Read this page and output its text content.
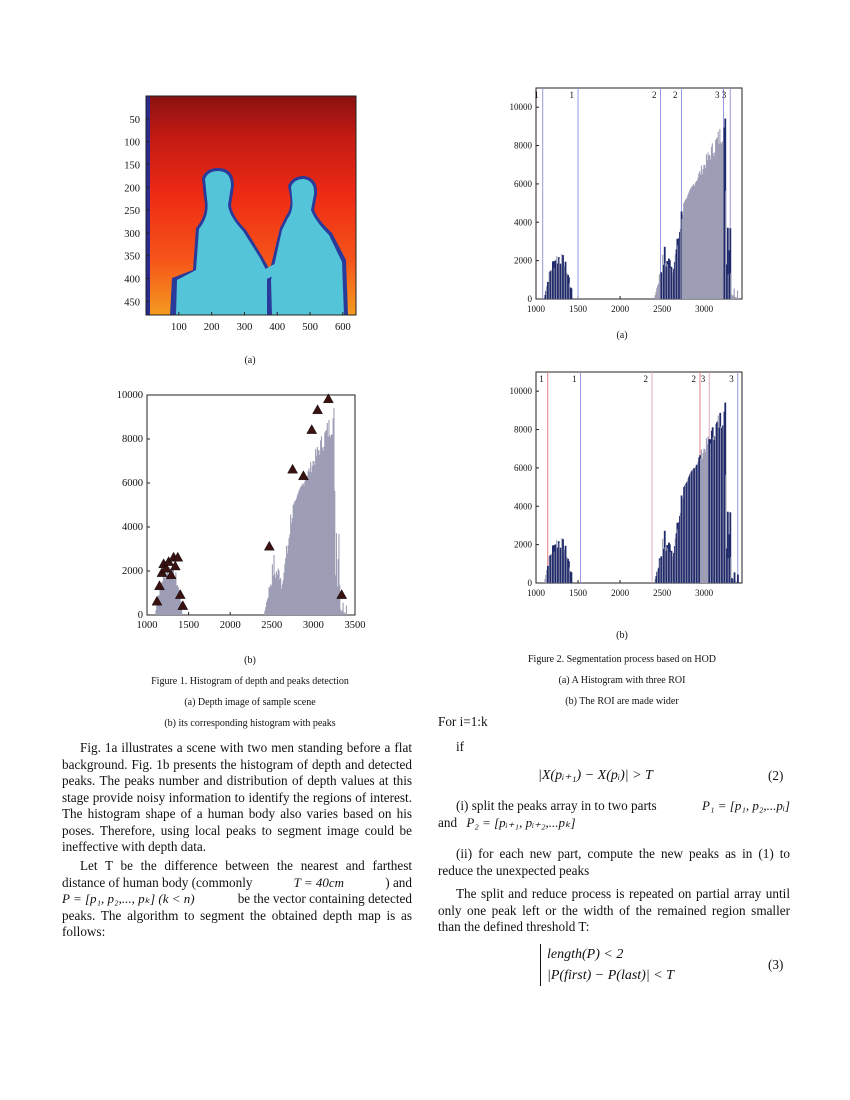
50
100
150
200
250
300
350
400
450
100 200 300 400 500 600
(a)
0
2000
4000
6000
8000
10000
1000 1500 2000 2500 3000 3500
(b)
Figure 1. Histogram of depth and peaks detection
(a) Depth image of sample scene
(b) its corresponding histogram with peaks
0
2000
4000
6000
8000
10000
1000	1500	2000	2500	3000
1	1	2 2	3 3
(a)
0
2000
4000
6000
8000
10000
1000	1500	2000	2500	3000
1	1	2	2 3	3
(b)
Figure 2. Segmentation process based on HOD
(a) A Histogram with three ROI
(b) The ROI are made wider
Fig. 1a illustrates a scene with two men standing before a flat background. Fig. 1b presents the histogram of depth and detected peaks. The peaks number and distribution of depth values at this stage provide noisy information to identify the regions of interest. The histogram shape of a human body also varies based on his poses. Therefore, using local peaks to segment image could be ineffective with depth data.
Let T be the difference between the nearest and farthest
distance of human body (commonly	T = 40cm	) and
P = [p₁, p₂,..., pₖ] (k < n)	be the vector containing detected
peaks. The algorithm to segment the obtained depth map is as follows:
For i=1:k
if
|X(pᵢ₊₁) − X(pᵢ)| > T	(2)
(i) split the peaks array in to two parts	P₁ = [p₁, p₂,...pᵢ]
and P₂ = [pᵢ₊₁, pᵢ₊₂,...pₖ]
(ii) for each new part, compute the new peaks as in (1) to reduce the unexpected peaks
The split and reduce process is repeated on partial array until only one peak left or the width of the remained region smaller than the defined threshold T:
length(P) < 2
|P(first) − P(last)| < T
(3)
